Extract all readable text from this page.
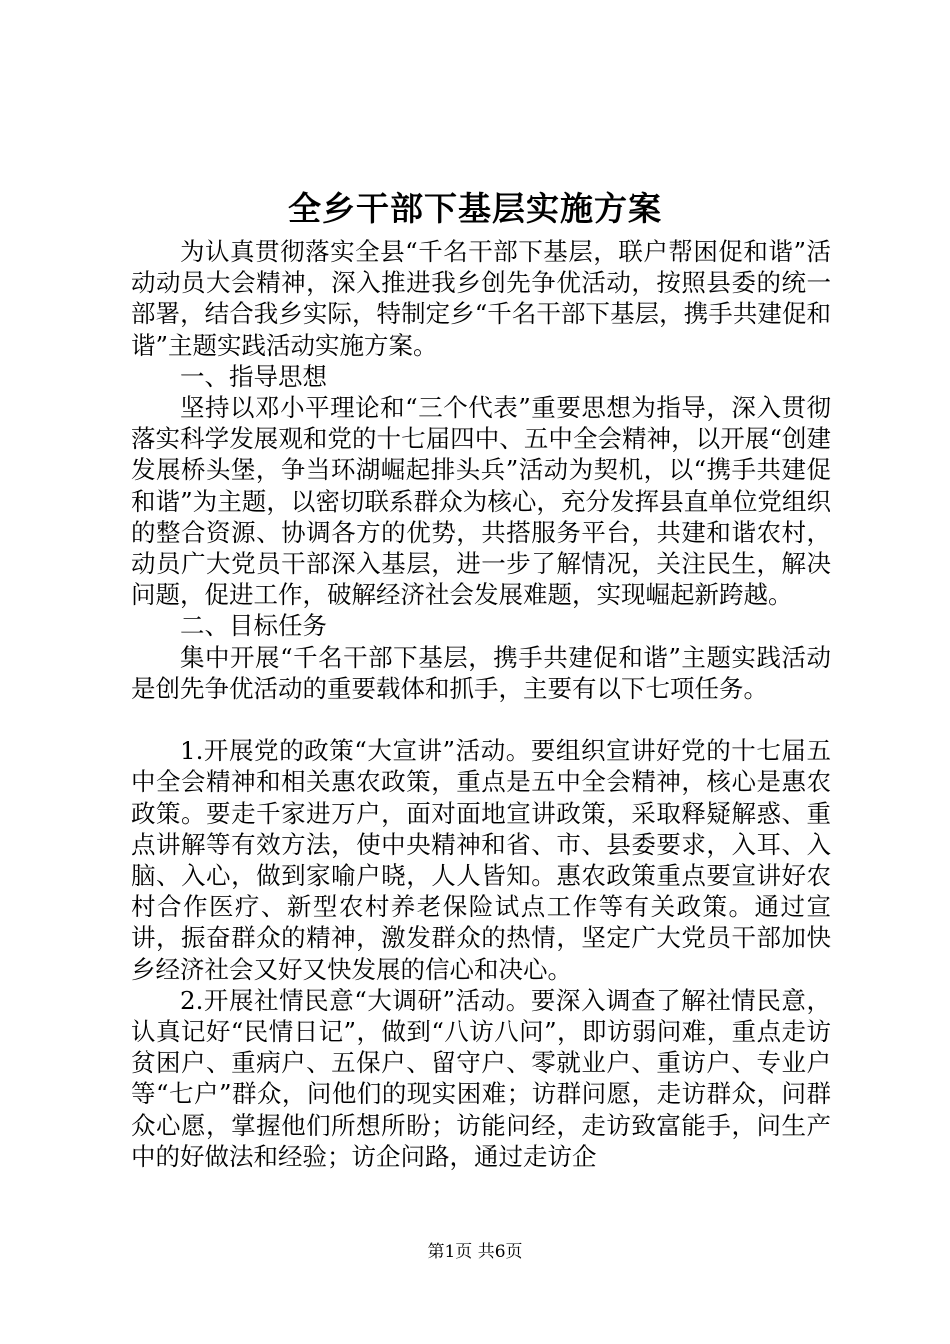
全乡干部下基层实施方案

为认真贯彻落实全县“千名干部下基层，联户帮困促和谐”活动动员大会精神，深入推进我乡创先争优活动，按照县委的统一部署，结合我乡实际，特制定乡“千名干部下基层，携手共建促和谐”主题实践活动实施方案。

一、指导思想

坚持以邓小平理论和“三个代表”重要思想为指导，深入贯彻落实科学发展观和党的十七届四中、五中全会精神，以开展“创建发展桥头堡，争当环湖崛起排头兵”活动为契机，以“携手共建促和谐”为主题，以密切联系群众为核心，充分发挥县直单位党组织的整合资源、协调各方的优势，共搭服务平台，共建和谐农村，动员广大党员干部深入基层，进一步了解情况，关注民生，解决问题，促进工作，破解经济社会发展难题，实现崛起新跨越。

二、目标任务

集中开展“千名干部下基层，携手共建促和谐”主题实践活动是创先争优活动的重要载体和抓手，主要有以下七项任务。

1.开展党的政策“大宣讲”活动。要组织宣讲好党的十七届五中全会精神和相关惠农政策，重点是五中全会精神，核心是惠农政策。要走千家进万户，面对面地宣讲政策，采取释疑解惑、重点讲解等有效方法，使中央精神和省、市、县委要求，入耳、入脑、入心，做到家喻户晓，人人皆知。惠农政策重点要宣讲好农村合作医疗、新型农村养老保险试点工作等有关政策。通过宣讲，振奋群众的精神，激发群众的热情，坚定广大党员干部加快乡经济社会又好又快发展的信心和决心。

2.开展社情民意“大调研”活动。要深入调查了解社情民意，认真记好“民情日记”，做到“八访八问”，即访弱问难，重点走访贫困户、重病户、五保户、留守户、零就业户、重访户、专业户等“七户”群众，问他们的现实困难；访群问愿，走访群众，问群众心愿，掌握他们所想所盼；访能问经，走访致富能手，问生产中的好做法和经验；访企问路，通过走访企

第1页 共6页
